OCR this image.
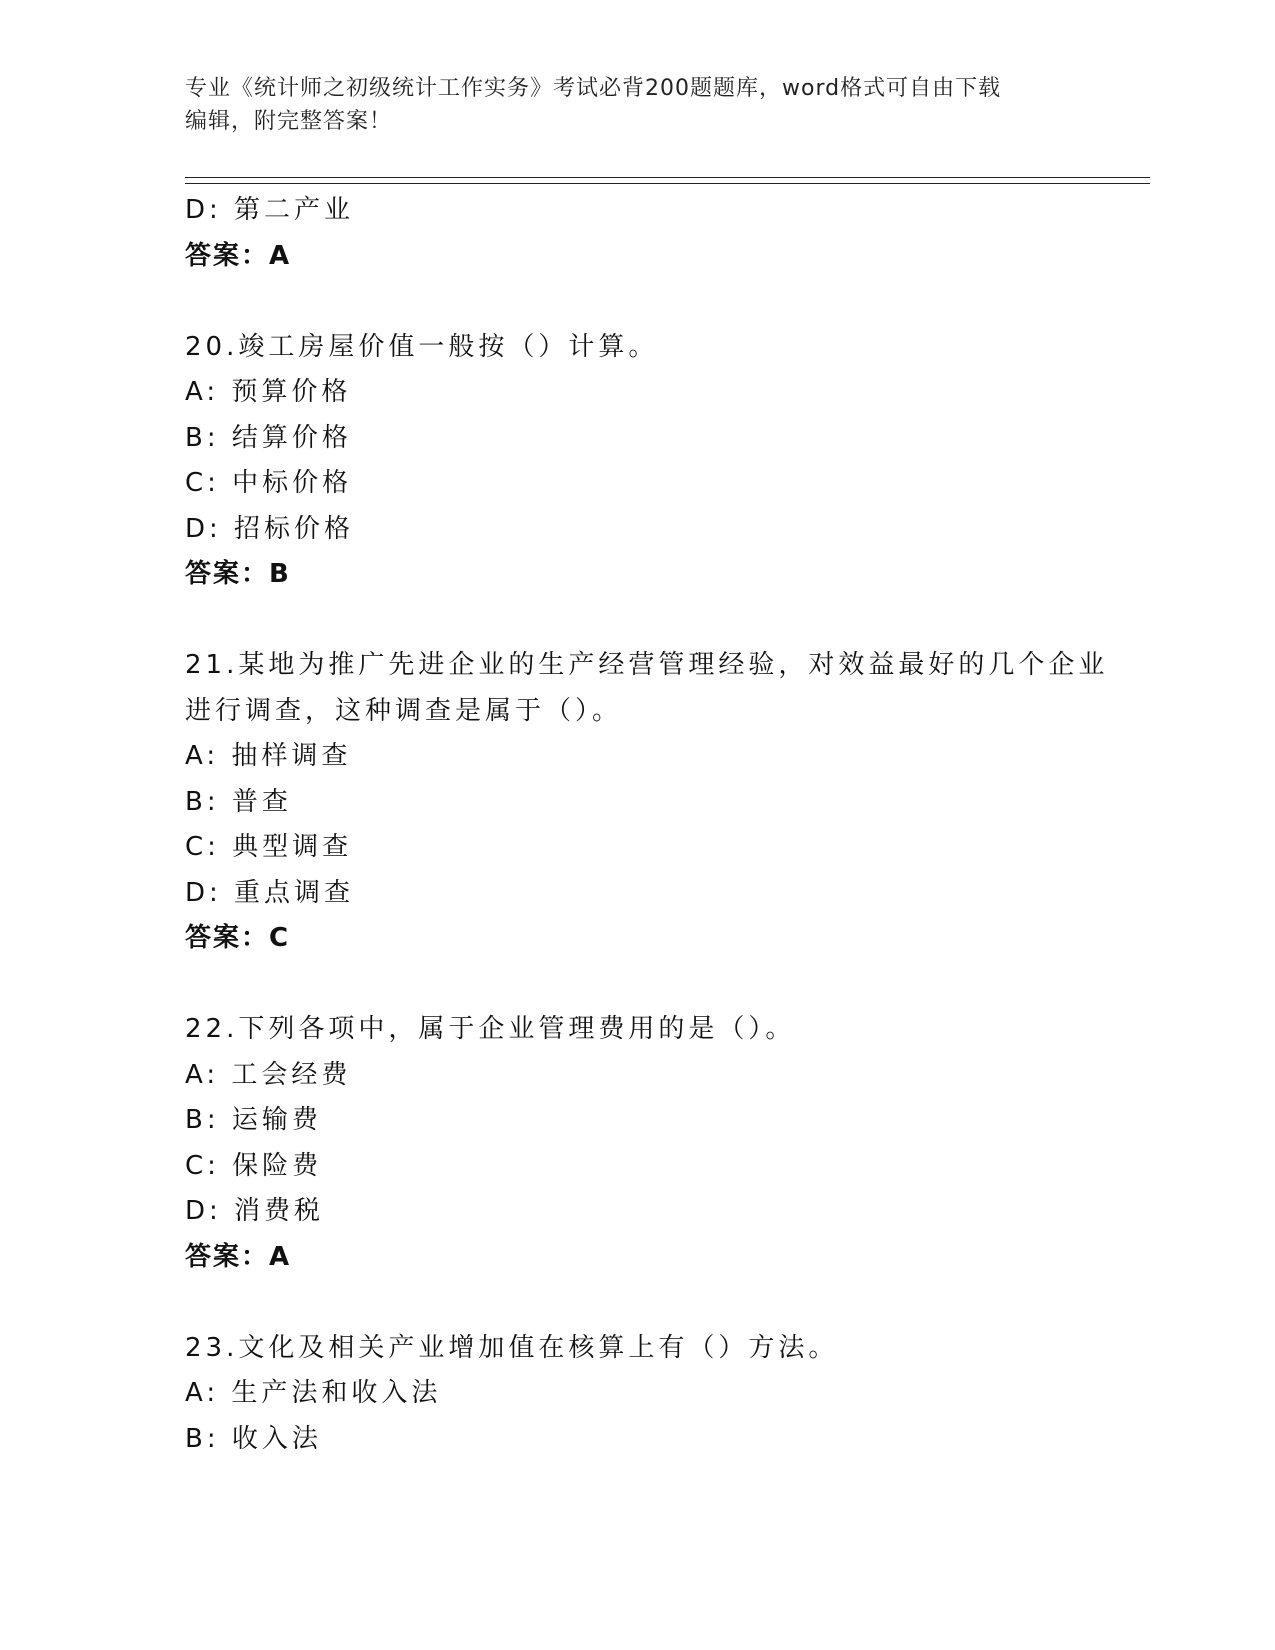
专业《统计师之初级统计工作实务》考试必背200题题库，word格式可自由下载
编辑，附完整答案！
D: 第二产业
答案：A
20.竣工房屋价值一般按（）计算。
A: 预算价格
B: 结算价格
C: 中标价格
D: 招标价格
答案：B
21.某地为推广先进企业的生产经营管理经验，对效益最好的几个企业
进行调查，这种调查是属于（）。
A: 抽样调查
B: 普查
C: 典型调查
D: 重点调查
答案：C
22.下列各项中，属于企业管理费用的是（）。
A: 工会经费
B: 运输费
C: 保险费
D: 消费税
答案：A
23.文化及相关产业增加值在核算上有（）方法。
A: 生产法和收入法
B: 收入法
